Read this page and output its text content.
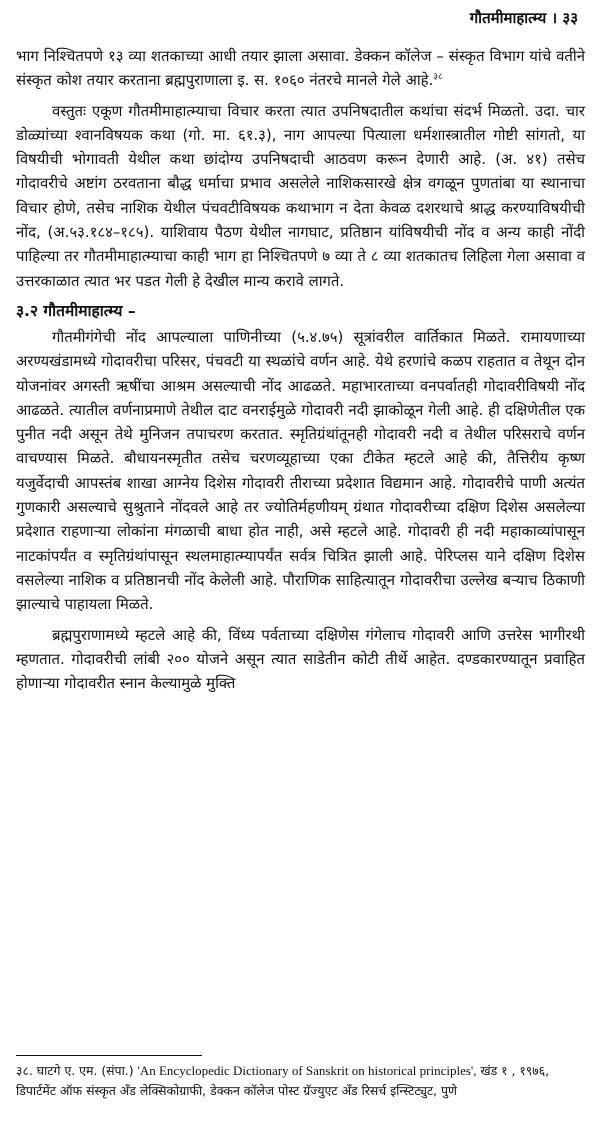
गौतमीमाहात्म्य । ३३

भाग निश्चितपणे १३ व्या शतकाच्या आधी तयार झाला असावा. डेक्कन कॉलेज – संस्कृत विभाग यांचे वतीने संस्कृत कोश तयार करताना ब्रह्मपुराणाला इ. स. १०६० नंतरचे मानले गेले आहे.$^{३८}$

वस्तुतः एकूण गौतमीमाहात्म्याचा विचार करता त्यात उपनिषदातील कथांचा संदर्भ मिळतो. उदा. चार डोळ्यांच्या श्वानविषयक कथा (गो. मा. ६१.३), नाग आपल्या पित्याला धर्मशास्त्रातील गोष्टी सांगतो, या विषयीची भोगावती येथील कथा छांदोग्य उपनिषदाची आठवण करून देणारी आहे. (अ. ४१) तसेच गोदावरीचे अष्टांग ठरवताना बौद्ध धर्माचा प्रभाव असलेले नाशिकसारखे क्षेत्र वगळून पुणतांबा या स्थानाचा विचार होणे, तसेच नाशिक येथील पंचवटीविषयक कथाभाग न देता केवळ दशरथाचे श्राद्ध करण्याविषयीची नोंद, (अ.५३.१८४–१८५). याशिवाय पैठण येथील नागघाट, प्रतिष्ठान यांविषयीची नोंद व अन्य काही नोंदी पाहिल्या तर गौतमीमाहात्म्याचा काही भाग हा निश्चितपणे ७ व्या ते ८ व्या शतकातच लिहिला गेला असावा व उत्तरकाळात त्यात भर पडत गेली हे देखील मान्य करावे लागते.

३.२ गौतमीमाहात्म्य –

गौतमीगंगेची नोंद आपल्याला पाणिनीच्या (५.४.७५) सूत्रांवरील वार्तिकात मिळते. रामायणाच्या अरण्यखंडामध्ये गोदावरीचा परिसर, पंचवटी या स्थळांचे वर्णन आहे. येथे हरणांचे कळप राहतात व तेथून दोन योजनांवर अगस्ती ऋषींचा आश्रम असल्याची नोंद आढळते. महाभारताच्या वनपर्वातही गोदावरीविषयी नोंद आढळते. त्यातील वर्णनाप्रमाणे तेथील दाट वनराईमुळे गोदावरी नदी झाकोळून गेली आहे. ही दक्षिणेतील एक पुनीत नदी असून तेथे मुनिजन तपाचरण करतात. स्मृतिग्रंथांतूनही गोदावरी नदी व तेथील परिसराचे वर्णन वाचण्यास मिळते. बौधायनस्मृतीत तसेच चरणव्यूहाच्या एका टीकेत म्हटले आहे की, तैत्तिरीय कृष्ण यजुर्वेदाची आपस्तंब शाखा आग्नेय दिशेस गोदावरी तीराच्या प्रदेशात विद्यमान आहे. गोदावरीचे पाणी अत्यंत गुणकारी असल्याचे सुश्रुताने नोंदवले आहे तर ज्योतिर्महणीयम् ग्रंथात गोदावरीच्या दक्षिण दिशेस असलेल्या प्रदेशात राहणाऱ्या लोकांना मंगळाची बाधा होत नाही, असे म्हटले आहे. गोदावरी ही नदी महाकाव्यांपासून नाटकांपर्यंत व स्मृतिग्रंथांपासून स्थलमाहात्म्यापर्यंत सर्वत्र चित्रित झाली आहे. पेरिप्लस याने दक्षिण दिशेस वसलेल्या नाशिक व प्रतिष्ठानची नोंद केलेली आहे. पौराणिक साहित्यातून गोदावरीचा उल्लेख बऱ्याच ठिकाणी झाल्याचे पाहायला मिळते.

ब्रह्मपुराणामध्ये म्हटले आहे की, विंध्य पर्वताच्या दक्षिणेस गंगेलाच गोदावरी आणि उत्तरेस भागीरथी म्हणतात. गोदावरीची लांबी २०० योजने असून त्यात साडेतीन कोटी तीर्थे आहेत. दण्डकारण्यातून प्रवाहित होणाऱ्या गोदावरीत स्नान केल्यामुळे मुक्ति

३८. घाटगे ए. एम. (संपा.) 'An Encyclopedic Dictionary of Sanskrit on historical principles', खंड १ , १९७६, डिपार्टमेंट ऑफ संस्कृत अँड लेक्सिकोग्राफी, डेक्कन कॉलेज पोस्ट ग्रॅज्युएट अँड रिसर्च इन्स्टिट्युट, पुणे
